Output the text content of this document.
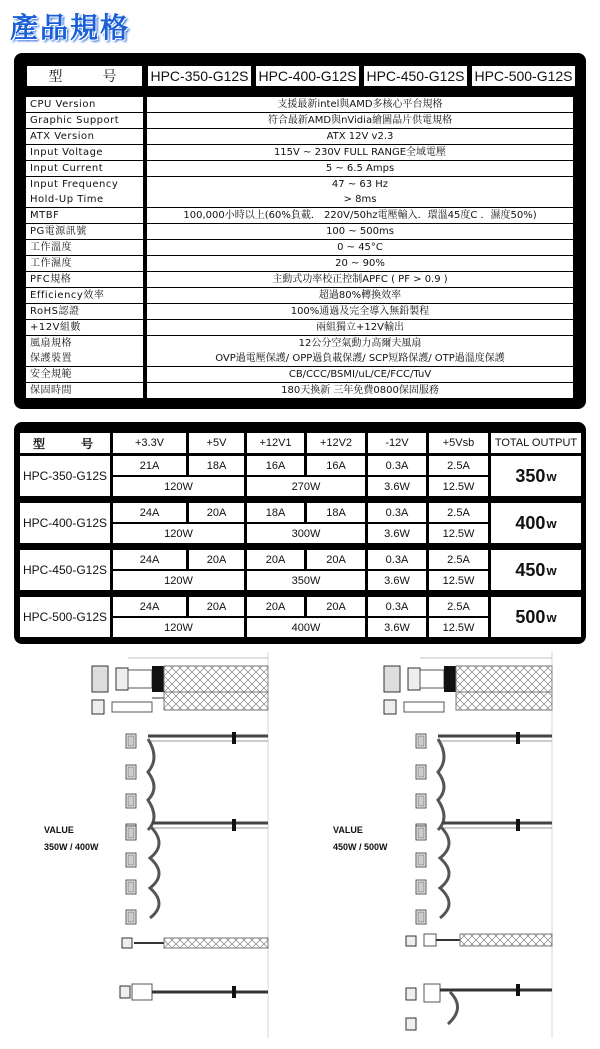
產品規格
型　　号	HPC-350-G12S HPC-400-G12S HPC-450-G12S HPC-500-G12S
CPU Version	支援最新intel與AMD多核心平台規格
Graphic Support	符合最新AMD與nVidia繪圖晶片供電規格
ATX Version	ATX 12V v2.3
Input Voltage	115V ~ 230V FULL RANGE全域電壓
Input Current	5 ~ 6.5 Amps
Input Frequency	47 ~ 63 Hz
Hold-Up Time	> 8ms
MTBF	100,000小時以上(60%負載． 220V/50hz電壓輸入．環溫45度C ．濕度50%)
PG電源訊號	100 ~ 500ms
工作溫度	0 ~ 45°C
工作濕度	20 ~ 90%
PFC規格	主動式功率校正控制APFC ( PF > 0.9 )
Efficiency效率	超過80%轉換效率
RoHS認證	100%通過及完全導入無鉛製程
+12V組數	兩組獨立+12V輸出
風扇規格	12公分空氣動力高爾夫風扇
保護裝置	OVP過電壓保護/ OPP過負載保護/ SCP短路保護/ OTP過溫度保護
安全規範	CB/CCC/BSMI/uL/CE/FCC/TuV
保固時間	180天換新 三年免費0800保固服務
型　　号	+3.3V	+5V	+12V1	+12V2	-12V	+5Vsb	TOTAL OUTPUT
HPC-350-G12S
21A	18A	16A	16A	0.3A	2.5A
120W	270W	3.6W	12.5W
350 w
HPC-400-G12S
24A	20A	18A	18A	0.3A	2.5A
120W	300W	3.6W	12.5W
400 w
HPC-450-G12S
24A	20A	20A	20A	0.3A	2.5A
120W	350W	3.6W	12.5W
450 w
HPC-500-G12S
24A	20A	20A	20A	0.3A	2.5A
120W	400W	3.6W	12.5W
500 w
VALUE
350W / 400W
VALUE
450W / 500W
